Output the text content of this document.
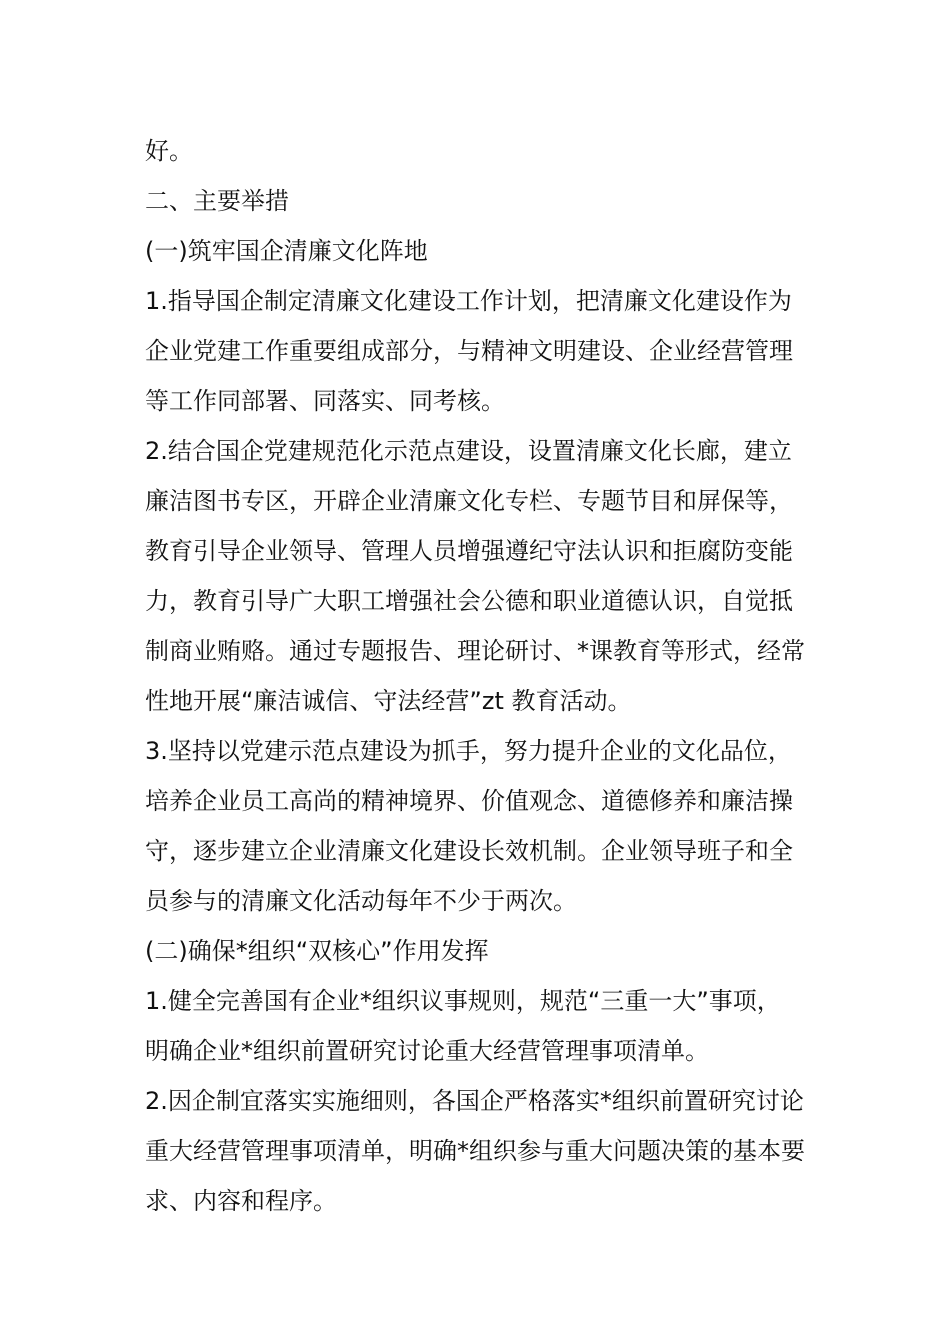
好。
二、主要举措
(一)筑牢国企清廉文化阵地
1.指导国企制定清廉文化建设工作计划，把清廉文化建设作为
企业党建工作重要组成部分，与精神文明建设、企业经营管理
等工作同部署、同落实、同考核。
2.结合国企党建规范化示范点建设，设置清廉文化长廊，建立
廉洁图书专区，开辟企业清廉文化专栏、专题节目和屏保等，
教育引导企业领导、管理人员增强遵纪守法认识和拒腐防变能
力，教育引导广大职工增强社会公德和职业道德认识，自觉抵
制商业贿赂。通过专题报告、理论研讨、*课教育等形式，经常
性地开展“廉洁诚信、守法经营”zt 教育活动。
3.坚持以党建示范点建设为抓手，努力提升企业的文化品位，
培养企业员工高尚的精神境界、价值观念、道德修养和廉洁操
守，逐步建立企业清廉文化建设长效机制。企业领导班子和全
员参与的清廉文化活动每年不少于两次。
(二)确保*组织“双核心”作用发挥
1.健全完善国有企业*组织议事规则，规范“三重一大”事项，
明确企业*组织前置研究讨论重大经营管理事项清单。
2.因企制宜落实实施细则，各国企严格落实*组织前置研究讨论
重大经营管理事项清单，明确*组织参与重大问题决策的基本要
求、内容和程序。
